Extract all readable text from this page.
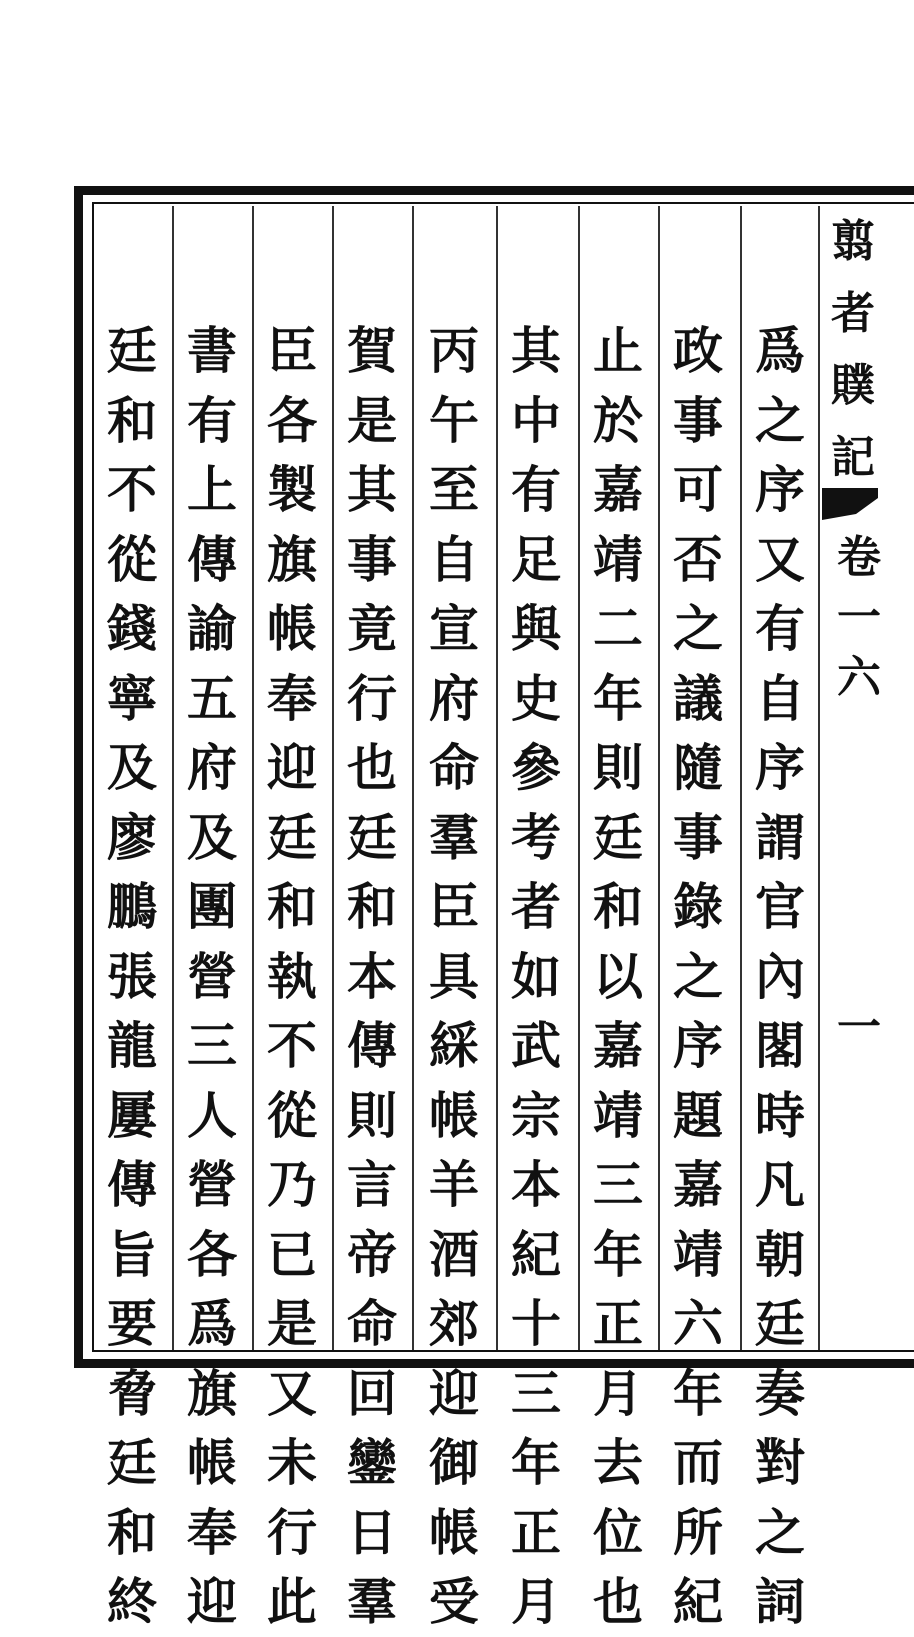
爲
之
序
又
有
自
序
謂
官
內
閣
時
凡
朝
廷
奏
對
之
詞
政
事
可
否
之
議
隨
事
錄
之
序
題
嘉
靖
六
年
而
所
紀
止
於
嘉
靖
二
年
則
廷
和
以
嘉
靖
三
年
正
月
去
位
也
其
中
有
足
與
史
參
考
者
如
武
宗
本
紀
十
三
年
正
月
丙
午
至
自
宣
府
命
羣
臣
具
綵
帳
羊
酒
郊
迎
御
帳
受
賀
是
其
事
竟
行
也
廷
和
本
傳
則
言
帝
命
回
鑾
日
羣
臣
各
製
旗
帳
奉
迎
廷
和
執
不
從
乃
已
是
又
未
行
此
書
有
上
傳
諭
五
府
及
團
營
三
人
營
各
爲
旗
帳
奉
迎
廷
和
不
從
錢
寧
及
廖
鵬
張
龍
屢
傳
旨
要
脅
廷
和
終
翦
者
贌
記
卷
一
六
一
